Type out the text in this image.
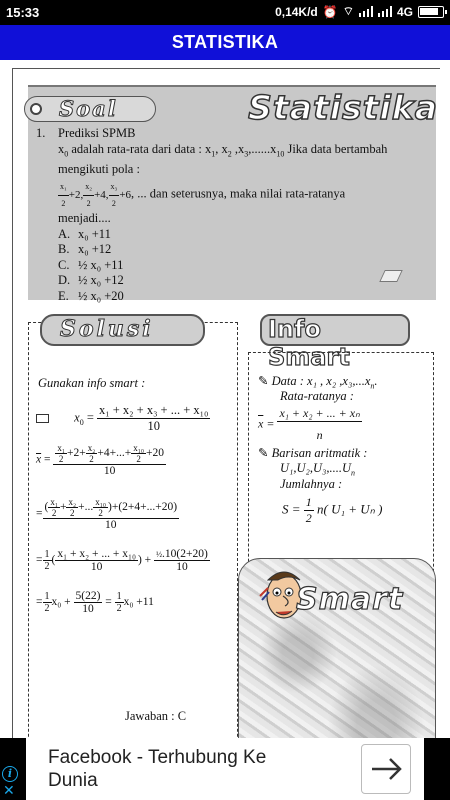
15:33	0,14K/d ⏰ ⌔	4G
STATISTIKA
Soal	Statistika
1. Prediksi SPMB
$x_0$ adalah rata-rata dari data : $x_1$, $x_2$ $,x_3,......x_{10}$ Jika data bertambah
mengikuti pola :
$\frac{\text{x₁}}{2} +2$, $\frac{\text{x₂}}{2} +4$, $\frac{\text{x₃}}{2} +6$, ... dan seterusnya, maka nilai rata-ratanya
menjadi....
A. x₀ +11
B. x₀ +12
C. ½ x₀ +11
D. ½ x₀ +12
E. ½ x₀ +20
Solusi
Gunakan info smart :
$x_0 = \frac{\text{x₁ + x₂ + x₃ + ... + x₁₀}}{10}$
$\overline{x} = \frac{\frac{\text{x₁}}{2} +2+ \frac{\text{x₂}}{2} +4+...+ \frac{\text{x₁₀}}{2} +20}{10}$
= $\frac{( \frac{\text{x₁}}{2} + \frac{\text{x₂}}{2} +... \frac{\text{x₁₀}}{2} )+(2+4+...+20)}{10}$
= $\frac{1}{2}$ ( $\frac{\text{x₁ + x₂ + ... + x₁₀}}{10}$ ) + $\frac{\text{½.10(2+20)}}{10}$
= $\frac{1}{2} x_0 + \frac{5(22)}{10} = \frac{1}{2} x_0 +11$
Jawaban : C
Info Smart
✎ Data : x₁ , x₂ $,x_3,...x_n$.
Rata-ratanya :
$\overline{x} = \frac{\text{x₁ + x₂ + ... + xₙ}}{n}$
✎ Barisan aritmatik :
$U_1,U_2,U_3,....U_n$
Jumlahnya :
$S = \frac{1}{2} n$( U₁ + Uₙ )
Smart
Facebook - Terhubung Ke
Dunia
i
✕
